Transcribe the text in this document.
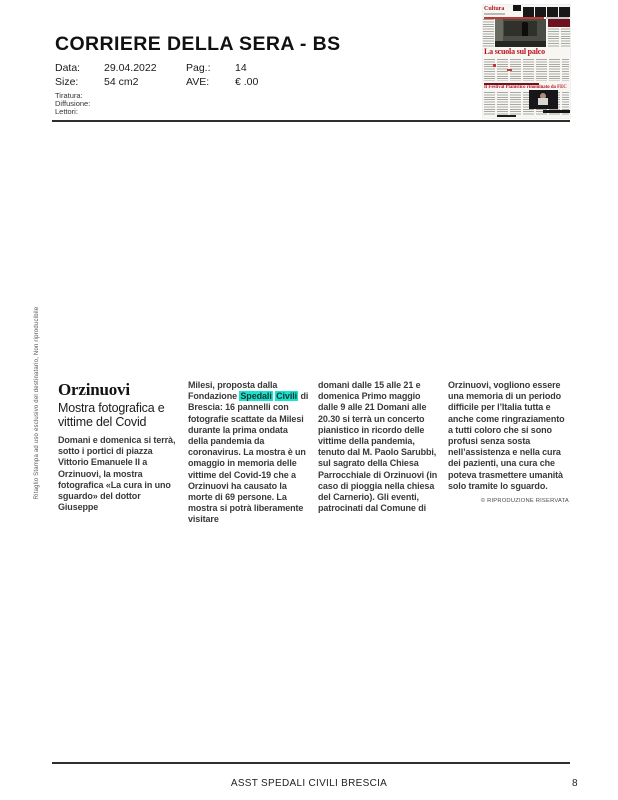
CORRIERE DELLA SERA - BS
Data: 29.04.2022	Pag.: 14
Size: 54 cm2	AVE: € .00
Tiratura:
Diffusione:
Lettori:
Cultura
La scuola sul palco
Il Festival Pianistico rinominato da FEC
Ritaglio Stampa ad uso esclusivo del destinatario, Non riproducibile Orzinuovi
Mostra fotografica e vittime del Covid
Domani e domenica si terrà, sotto i portici di piazza Vittorio Emanuele II a Orzinuovi, la mostra fotografica «La cura in uno sguardo» del dottor Giuseppe
Milesi, proposta dalla Fondazione Spedali Civili di Brescia: 16 pannelli con fotografie scattate da Milesi durante la prima ondata della pandemia da coronavirus. La mostra è un omaggio in memoria delle vittime del Covid-19 che a Orzinuovi ha causato la morte di 69 persone. La mostra si potrà liberamente visitare
domani dalle 15 alle 21 e domenica Primo maggio dalle 9 alle 21 Domani alle 20.30 si terrà un concerto pianistico in ricordo delle vittime della pandemia, tenuto dal M. Paolo Sarubbi, sul sagrato della Chiesa Parrocchiale di Orzinuovi (in caso di pioggia nella chiesa del Carnerio). Gli eventi, patrocinati dal Comune di
Orzinuovi, vogliono essere una memoria di un periodo difficile per l’Italia tutta e anche come ringraziamento a tutti coloro che si sono profusi senza sosta nell’assistenza e nella cura dei pazienti, una cura che poteva trasmettere umanità solo tramite lo sguardo.
© RIPRODUZIONE RISERVATA
ASST SPEDALI CIVILI BRESCIA	8
